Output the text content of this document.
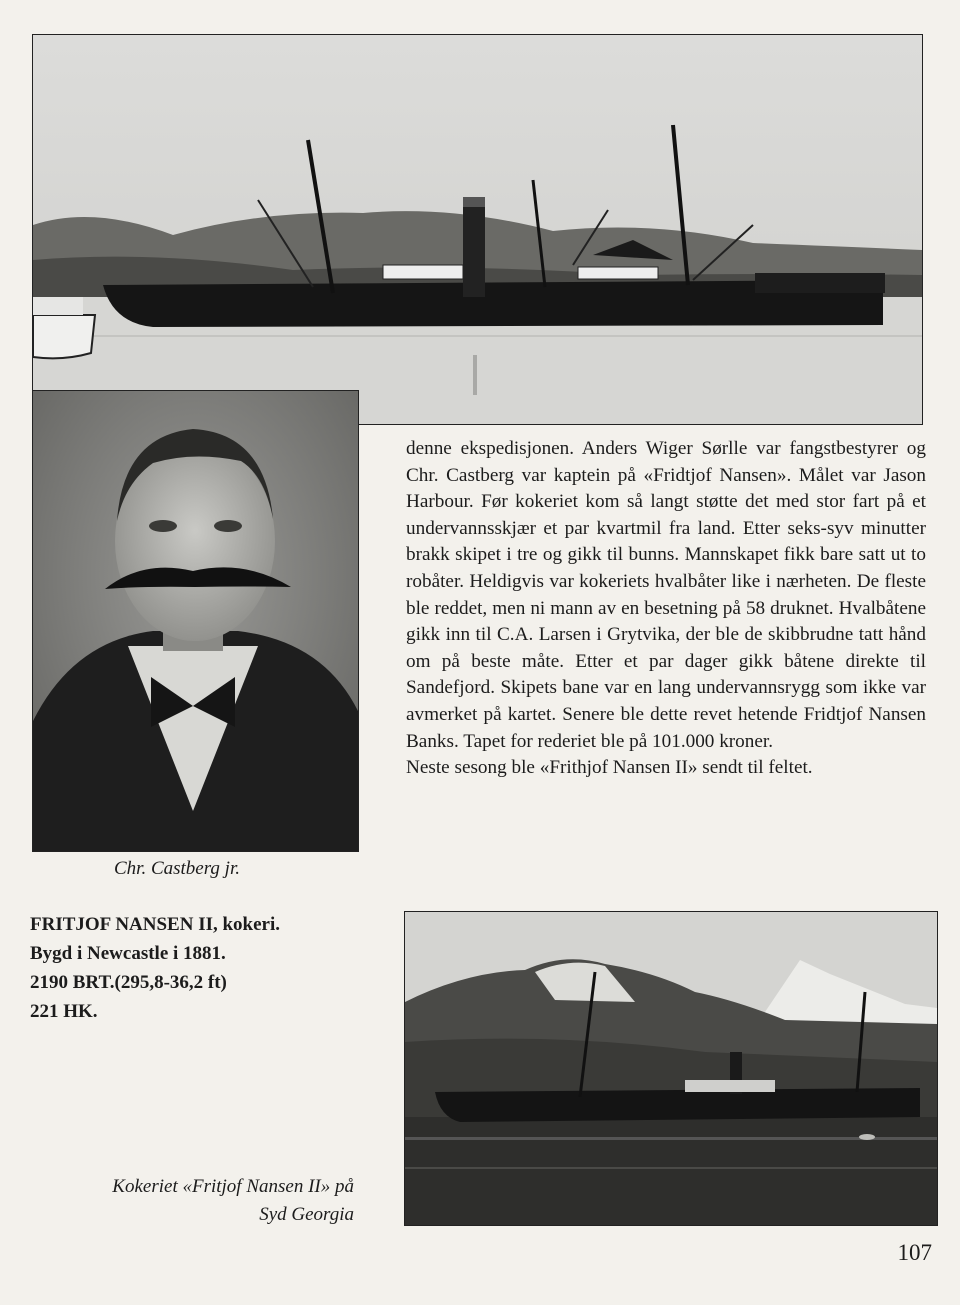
Chr. Castberg jr.

denne ekspedisjonen. Anders Wiger Sørlle var fangstbestyrer og Chr. Castberg var kaptein på «Fridtjof Nansen». Målet var Jason Harbour. Før kokeriet kom så langt støtte det med stor fart på et undervannsskjær et par kvartmil fra land. Etter seks-syv minutter brakk skipet i tre og gikk til bunns. Mannskapet fikk bare satt ut to robåter. Heldigvis var kokeriets hvalbåter like i nærheten. De fleste ble reddet, men ni mann av en besetning på 58 druknet. Hvalbåtene gikk inn til C.A. Larsen i Grytvika, der ble de skibbrudne tatt hånd om på beste måte. Etter et par dager gikk båtene direkte til Sandefjord. Skipets bane var en lang undervannsrygg som ikke var avmerket på kartet. Senere ble dette revet hetende Fridtjof Nansen Banks. Tapet for rederiet ble på 101.000 kroner.

Neste sesong ble «Frithjof Nansen II» sendt til feltet.

FRITJOF NANSEN II, kokeri.
Bygd i Newcastle i 1881.
2190 BRT.(295,8-36,2 ft)
221 HK.
Kokeriet «Fritjof Nansen II» på
Syd Georgia
107
